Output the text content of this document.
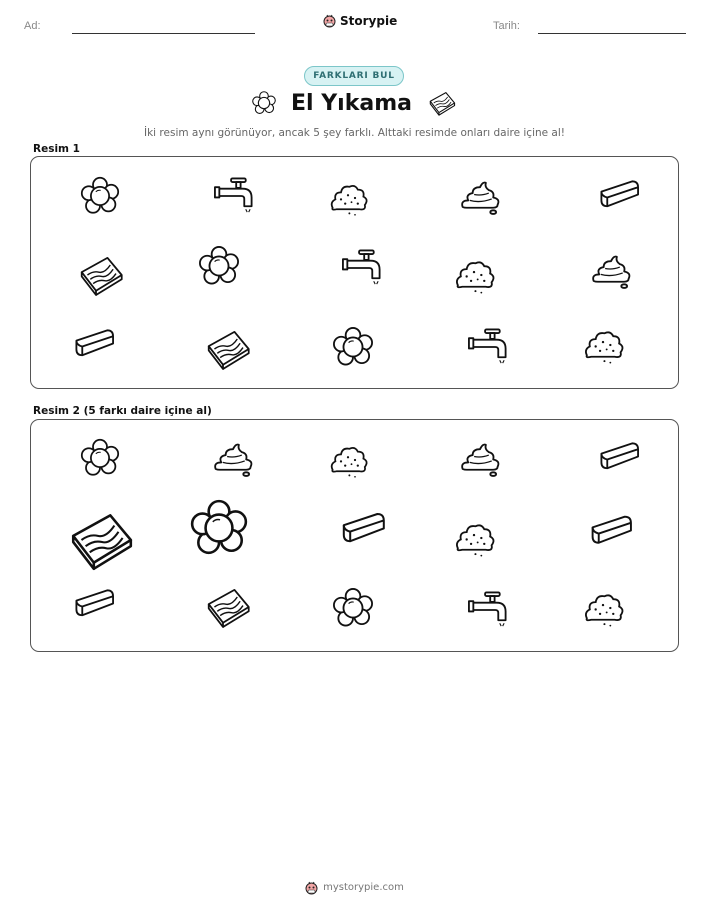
Ad:	Storypie	Tarih:
FARKLARI BUL
El Yıkama
İki resim aynı görünüyor, ancak 5 şey farklı. Alttaki resimde onları daire içine al!
Resim 1
Resim 2 (5 farkı daire içine al)
mystorypie.com
